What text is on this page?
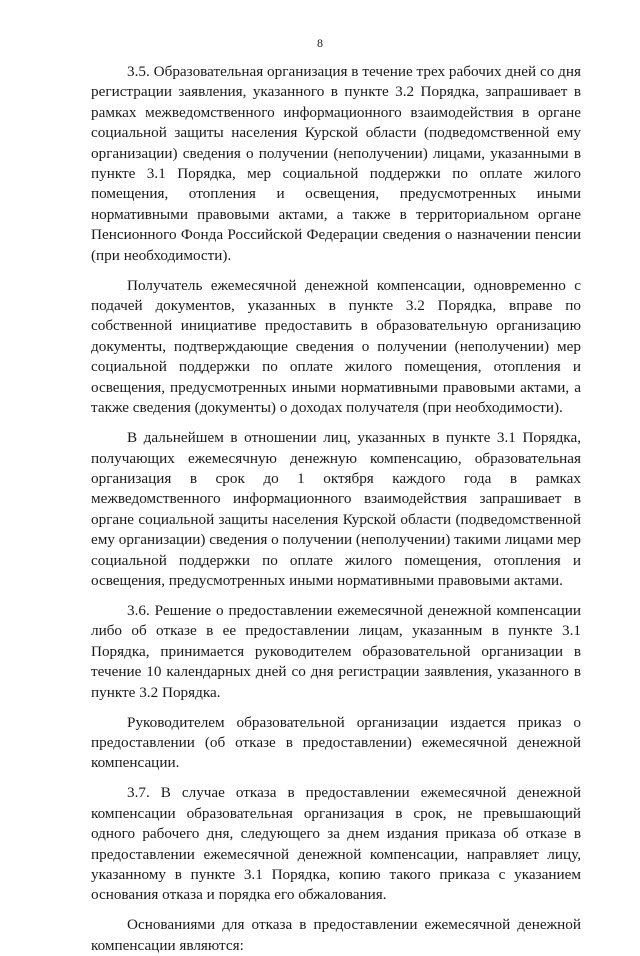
8

3.5. Образовательная организация в течение трех рабочих дней со дня регистрации заявления, указанного в пункте 3.2 Порядка, запрашивает в рамках межведомственного информационного взаимодействия в органе социальной защиты населения Курской области (подведомственной ему организации) сведения о получении (неполучении) лицами, указанными в пункте 3.1 Порядка, мер социальной поддержки по оплате жилого помещения, отопления и освещения, предусмотренных иными нормативными правовыми актами, а также в территориальном органе Пенсионного Фонда Российской Федерации сведения о назначении пенсии (при необходимости).

Получатель ежемесячной денежной компенсации, одновременно с подачей документов, указанных в пункте 3.2 Порядка, вправе по собственной инициативе предоставить в образовательную организацию документы, подтверждающие сведения о получении (неполучении) мер социальной поддержки по оплате жилого помещения, отопления и освещения, предусмотренных иными нормативными правовыми актами, а также сведения (документы) о доходах получателя (при необходимости).

В дальнейшем в отношении лиц, указанных в пункте 3.1 Порядка, получающих ежемесячную денежную компенсацию, образовательная организация в срок до 1 октября каждого года в рамках межведомственного информационного взаимодействия запрашивает в органе социальной защиты населения Курской области (подведомственной ему организации) сведения о получении (неполучении) такими лицами мер социальной поддержки по оплате жилого помещения, отопления и освещения, предусмотренных иными нормативными правовыми актами.

3.6. Решение о предоставлении ежемесячной денежной компенсации либо об отказе в ее предоставлении лицам, указанным в пункте 3.1 Порядка, принимается руководителем образовательной организации в течение 10 календарных дней со дня регистрации заявления, указанного в пункте 3.2 Порядка.

Руководителем образовательной организации издается приказ о предоставлении (об отказе в предоставлении) ежемесячной денежной компенсации.

3.7. В случае отказа в предоставлении ежемесячной денежной компенсации образовательная организация в срок, не превышающий одного рабочего дня, следующего за днем издания приказа об отказе в предоставлении ежемесячной денежной компенсации, направляет лицу, указанному в пункте 3.1 Порядка, копию такого приказа с указанием основания отказа и порядка его обжалования.

Основаниями для отказа в предоставлении ежемесячной денежной компенсации являются:
